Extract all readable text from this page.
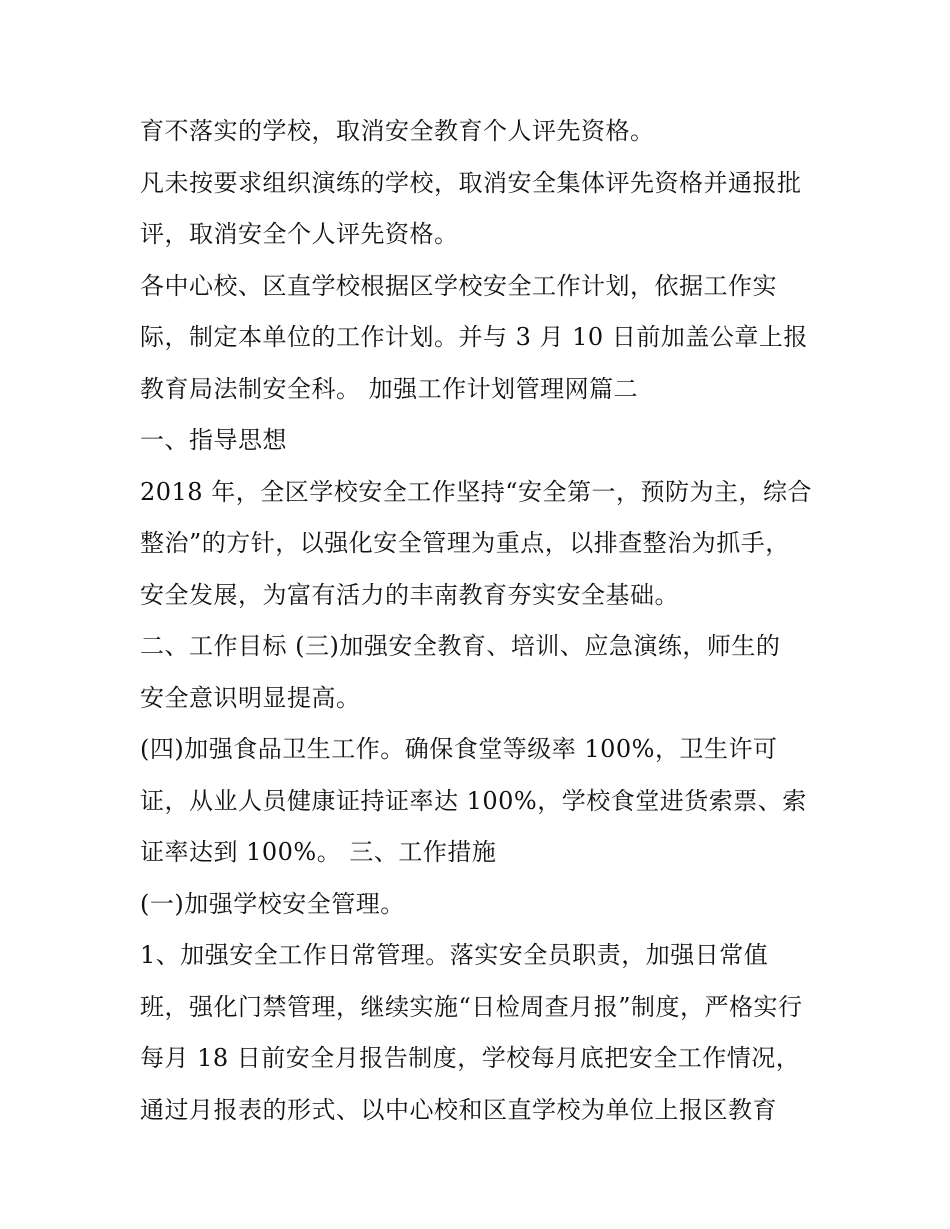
育不落实的学校，取消安全教育个人评先资格。
凡未按要求组织演练的学校，取消安全集体评先资格并通报批
评，取消安全个人评先资格。
各中心校、区直学校根据区学校安全工作计划，依据工作实
际，制定本单位的工作计划。并与 3 月 10 日前加盖公章上报
教育局法制安全科。 加强工作计划管理网篇二
一、指导思想
2018 年，全区学校安全工作坚持“安全第一，预防为主，综合
整治”的方针，以强化安全管理为重点，以排查整治为抓手，
安全发展，为富有活力的丰南教育夯实安全基础。
二、工作目标 (三)加强安全教育、培训、应急演练，师生的
安全意识明显提高。
(四)加强食品卫生工作。确保食堂等级率 100%，卫生许可
证，从业人员健康证持证率达 100%，学校食堂进货索票、索
证率达到 100%。 三、工作措施
(一)加强学校安全管理。
1、加强安全工作日常管理。落实安全员职责，加强日常值
班，强化门禁管理，继续实施“日检周查月报”制度，严格实行
每月 18 日前安全月报告制度，学校每月底把安全工作情况，
通过月报表的形式、以中心校和区直学校为单位上报区教育
